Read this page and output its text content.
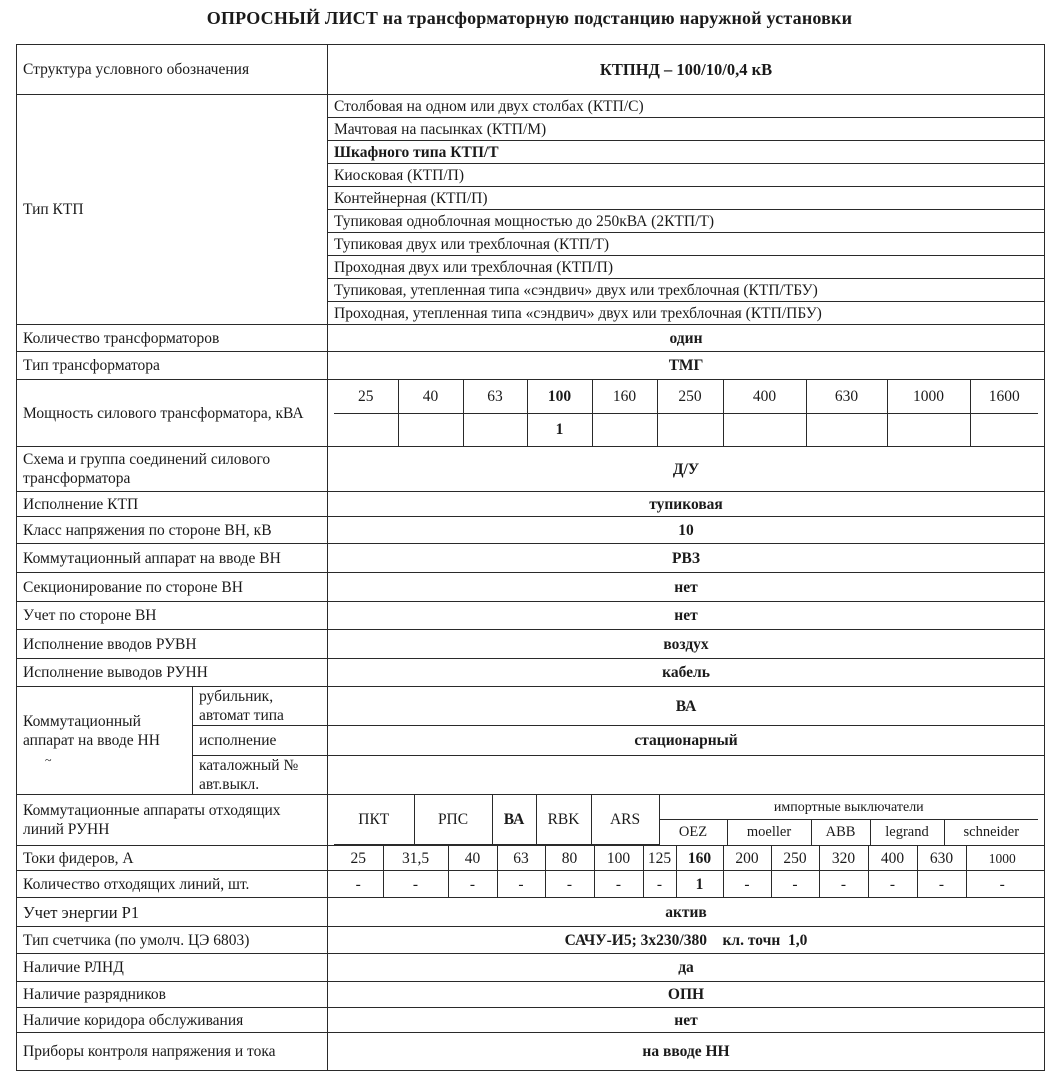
ОПРОСНЫЙ ЛИСТ на трансформаторную подстанцию наружной установки
Структура условного обозначения	КТПНД – 100/10/0,4 кВ
Тип КТП	Столбовая на одном или двух столбах (КТП/С)
Мачтовая на пасынках (КТП/М)
Шкафного типа КТП/Т
Киосковая (КТП/П)
Контейнерная (КТП/П)
Тупиковая одноблочная мощностью до 250кВА (2КТП/Т)
Тупиковая двух или трехблочная (КТП/Т)
Проходная двух или трехблочная (КТП/П)
Тупиковая, утепленная типа «сэндвич» двух или трехблочная (КТП/ТБУ)
Проходная, утепленная типа «сэндвич» двух или трехблочная (КТП/ПБУ)
Количество трансформаторов	один
Тип трансформатора	ТМГ
Мощность силового трансформатора, кВА	
25	40	63	100	160	250	400	630	1000	1600
			1						

Схема и группа соединений силового трансформатора	Д/У
Исполнение КТП	тупиковая
Класс напряжения по стороне ВН, кВ	10
Коммутационный аппарат на вводе ВН	РВЗ
Секционирование по стороне ВН	нет
Учет по стороне ВН	нет
Исполнение вводов РУВН	воздух
Исполнение выводов РУНН	кабель
Коммутационный аппарат на вводе НН ~	рубильник, автомат типа	ВА
исполнение	стационарный
каталожный № авт.выкл.	
Коммутационные аппараты отходящих линий РУНН	
ПКТ	РПС	ВА	RBK	ARS	импортные выключатели
OEZ	moeller	ABB	legrand	schneider

Токи фидеров, А		25	31,5	40	63	80	100	125	160	200	250	320	400	630	1000

Количество отходящих линий, шт.		-	-	-	-	-	-	-	1	-	-	-	-	-	-

Учет энергии Р1	актив
Тип счетчика (по умолч. ЦЭ 6803)	САЧУ-И5; 3х230/380    кл. точн  1,0
Наличие РЛНД	да
Наличие разрядников	ОПН
Наличие коридора обслуживания	нет
Приборы контроля напряжения и тока	на вводе НН
